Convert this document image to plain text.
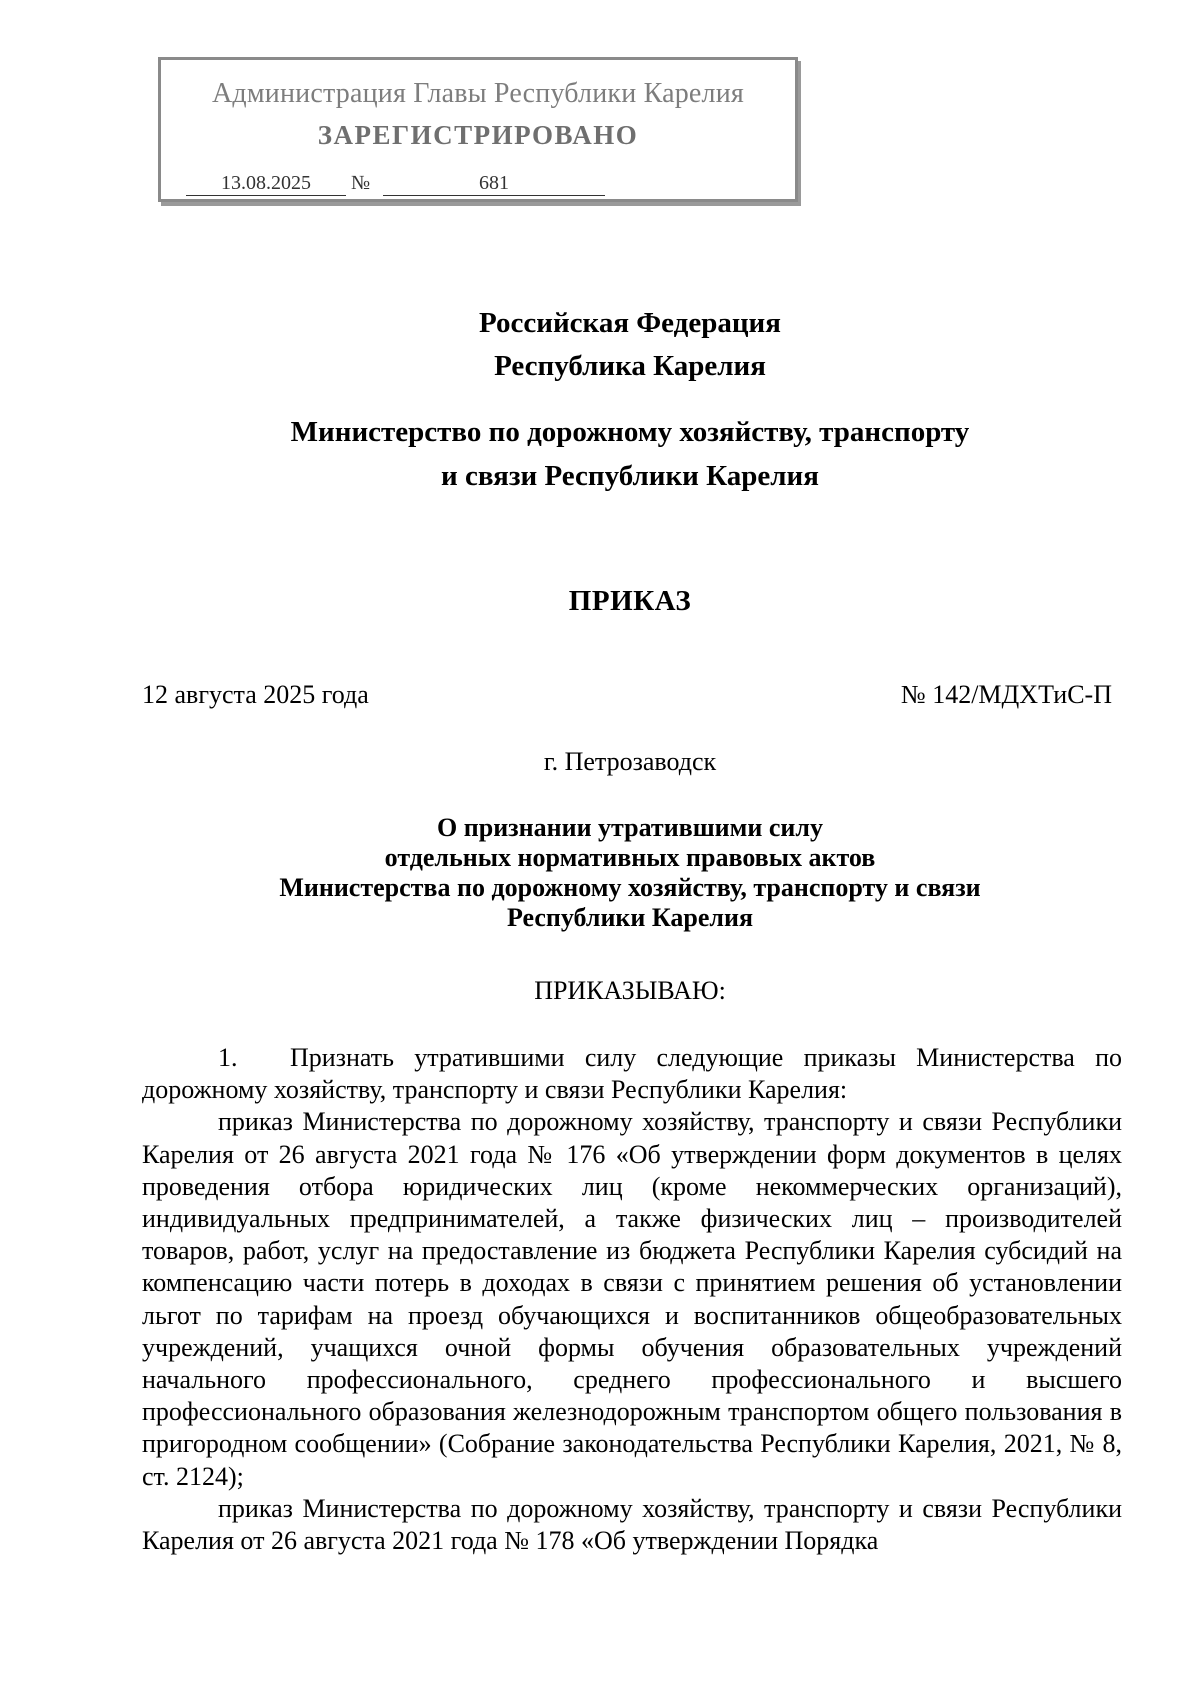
Администрация Главы Республики Карелия
ЗАРЕГИСТРИРОВАНО
13.08.2025	№	681
Российская Федерация
Республика Карелия
Министерство по дорожному хозяйству, транспорту
и связи Республики Карелия
ПРИКАЗ
12 августа 2025 года	№ 142/МДХТиС-П
г. Петрозаводск
О признании утратившими силу
отдельных нормативных правовых актов
Министерства по дорожному хозяйству, транспорту и связи
Республики Карелия
ПРИКАЗЫВАЮ:

1. Признать утратившими силу следующие приказы Министерства по дорожному хозяйству, транспорту и связи Республики Карелия:

приказ Министерства по дорожному хозяйству, транспорту и связи Республики Карелия от 26 августа 2021 года № 176 «Об утверждении форм документов в целях проведения отбора юридических лиц (кроме некоммерческих организаций), индивидуальных предпринимателей, а также физических лиц – производителей товаров, работ, услуг на предоставление из бюджета Республики Карелия субсидий на компенсацию части потерь в доходах в связи с принятием решения об установлении льгот по тарифам на проезд обучающихся и воспитанников общеобразовательных учреждений, учащихся очной формы обучения образовательных учреждений начального профессионального, среднего профессионального и высшего профессионального образования железнодорожным транспортом общего пользования в пригородном сообщении» (Собрание законодательства Республики Карелия, 2021, № 8, ст. 2124);

приказ Министерства по дорожному хозяйству, транспорту и связи Республики Карелия от 26 августа 2021 года № 178 «Об утверждении Порядка
